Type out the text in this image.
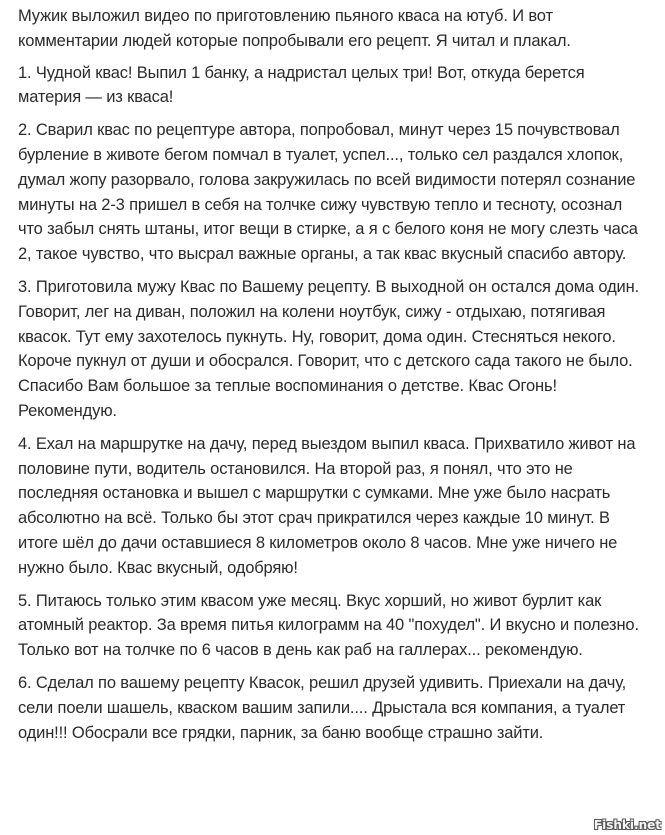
Мужик выложил видео по приготовлению пьяного кваса на ютуб. И вот комментарии людей которые попробывали его рецепт. Я читал и плакал.

1. Чудной квас! Выпил 1 банку, а надристал целых три! Вот, откуда берется материя — из кваса!

2. Сварил квас по рецептуре автора, попробовал, минут через 15 почувствовал бурление в животе бегом помчал в туалет, успел..., только сел раздался хлопок, думал жопу разорвало, голова закружилась по всей видимости потерял сознание минуты на 2-3 пришел в себя на толчке сижу чувствую тепло и тесноту, осознал что забыл снять штаны, итог вещи в стирке, а я с белого коня не могу слезть часа 2, такое чувство, что высрал важные органы, а так квас вкусный спасибо автору.

3. Приготовила мужу Квас по Вашему рецепту. В выходной он остался дома один. Говорит, лег на диван, положил на колени ноутбук, сижу - отдыхаю, потягивая квасок. Тут ему захотелось пукнуть. Ну, говорит, дома один. Стесняться некого. Короче пукнул от души и обосрался. Говорит, что с детского сада такого не было. Спасибо Вам большое за теплые воспоминания о детстве. Квас Огонь! Рекомендую.

4. Ехал на маршрутке на дачу, перед выездом выпил кваса. Прихватило живот на половине пути, водитель остановился. На второй раз, я понял, что это не последняя остановка и вышел с маршрутки с сумками. Мне уже было насрать абсолютно на всё. Только бы этот срач прикратился через каждые 10 минут. В итоге шёл до дачи оставшиеся 8 километров около 8 часов. Мне уже ничего не нужно было. Квас вкусный, одобряю!

5. Питаюсь только этим квасом уже месяц. Вкус хорший, но живот бурлит как атомный реактор. За время питья килограмм на 40 "похудел". И вкусно и полезно. Только вот на толчке по 6 часов в день как раб на галлерах... рекомендую.

6. Сделал по вашему рецепту Квасок, решил друзей удивить. Приехали на дачу, сели поели шашель, кваском вашим запили.... Дрыстала вся компания, а туалет один!!! Обосрали все грядки, парник, за баню вообще страшно зайти.

Fishki.net
